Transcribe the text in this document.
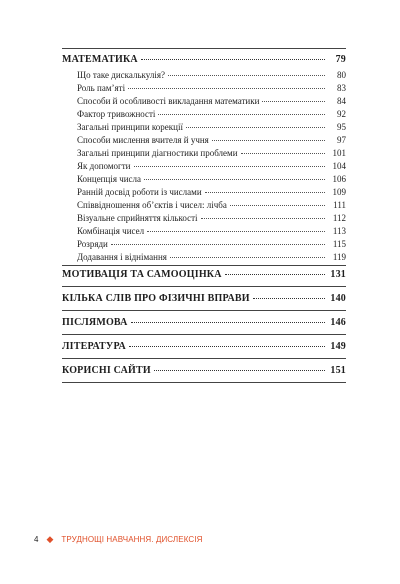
МАТЕМАТИКА	79
Що таке дискалькулія?	80
Роль пам’яті	83
Способи й особливості викладання математики	84
Фактор тривожності	92
Загальні принципи корекції	95
Способи мислення вчителя й учня	97
Загальні принципи діагностики проблеми	101
Як допомогти	104
Концепція числа	106
Ранній досвід роботи із числами	109
Співвідношення об’єктів і чисел: лічба	111
Візуальне сприйняття кількості	112
Комбінація чисел	113
Розряди	115
Додавання і віднімання	119
МОТИВАЦІЯ ТА САМООЦІНКА	131
КІЛЬКА СЛІВ ПРО ФІЗИЧНІ ВПРАВИ	140
ПІСЛЯМОВА	146
ЛІТЕРАТУРА	149
КОРИСНІ САЙТИ	151
4 ◆ ТРУДНОЩІ НАВЧАННЯ. ДИСЛЕКСІЯ
